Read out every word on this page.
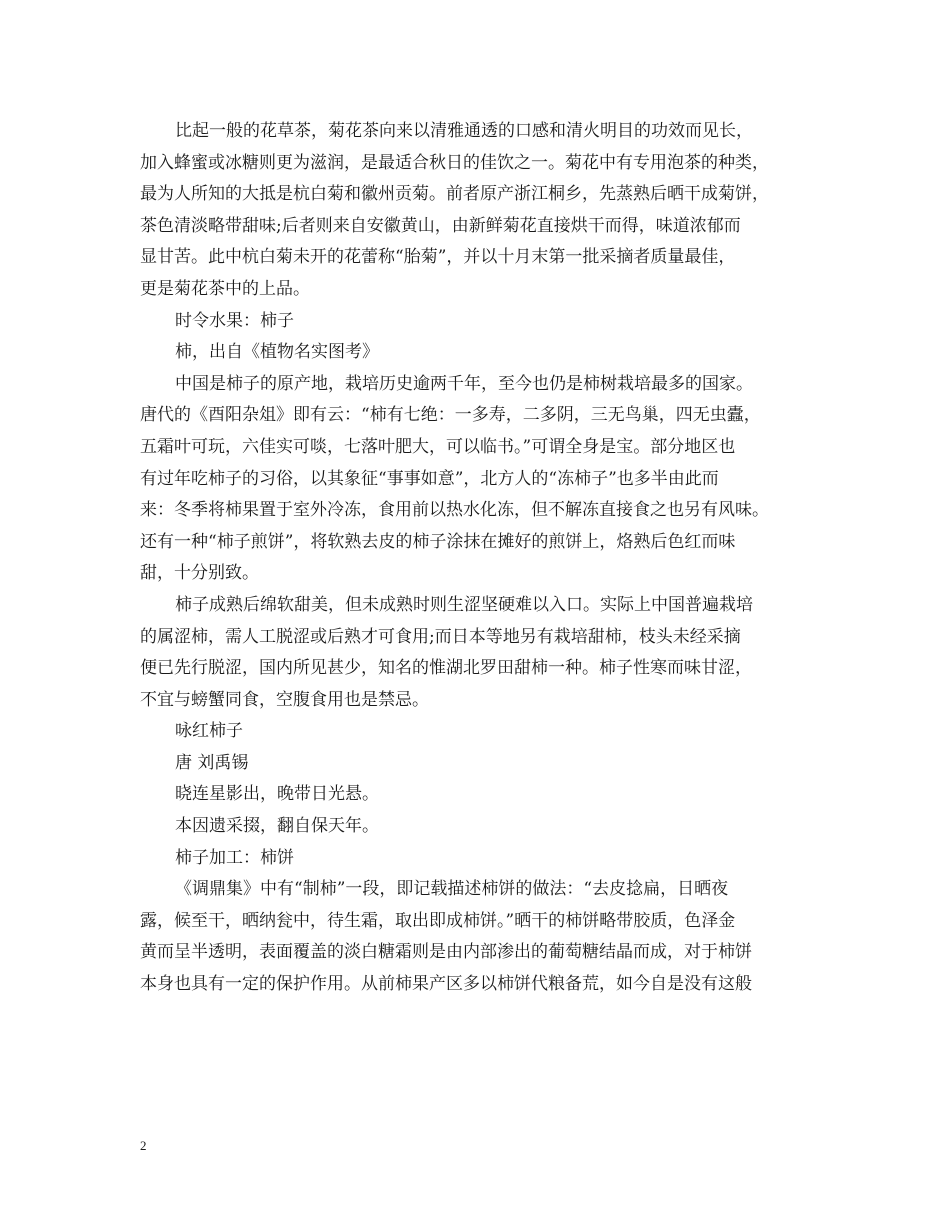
比起一般的花草茶，菊花茶向来以清雅通透的口感和清火明目的功效而见长，
加入蜂蜜或冰糖则更为滋润，是最适合秋日的佳饮之一。菊花中有专用泡茶的种类，
最为人所知的大抵是杭白菊和徽州贡菊。前者原产浙江桐乡，先蒸熟后晒干成菊饼，
茶色清淡略带甜味;后者则来自安徽黄山，由新鲜菊花直接烘干而得，味道浓郁而
显甘苦。此中杭白菊未开的花蕾称“胎菊”，并以十月末第一批采摘者质量最佳，
更是菊花茶中的上品。
时令水果：柿子
柿，出自《植物名实图考》
中国是柿子的原产地，栽培历史逾两千年，至今也仍是柿树栽培最多的国家。
唐代的《酉阳杂俎》即有云：“柿有七绝：一多寿，二多阴，三无鸟巢，四无虫蠹，
五霜叶可玩，六佳实可啖，七落叶肥大，可以临书。”可谓全身是宝。部分地区也
有过年吃柿子的习俗，以其象征“事事如意”，北方人的“冻柿子”也多半由此而
来：冬季将柿果置于室外冷冻，食用前以热水化冻，但不解冻直接食之也另有风味。
还有一种“柿子煎饼”，将软熟去皮的柿子涂抹在摊好的煎饼上，烙熟后色红而味
甜，十分别致。
柿子成熟后绵软甜美，但未成熟时则生涩坚硬难以入口。实际上中国普遍栽培
的属涩柿，需人工脱涩或后熟才可食用;而日本等地另有栽培甜柿，枝头未经采摘
便已先行脱涩，国内所见甚少，知名的惟湖北罗田甜柿一种。柿子性寒而味甘涩，
不宜与螃蟹同食，空腹食用也是禁忌。
咏红柿子
唐 刘禹锡
晓连星影出，晚带日光悬。
本因遗采掇，翻自保天年。
柿子加工：柿饼
《调鼎集》中有“制柿”一段，即记载描述柿饼的做法：“去皮捻扁，日晒夜
露，候至干，晒纳瓮中，待生霜，取出即成柿饼。”晒干的柿饼略带胶质，色泽金
黄而呈半透明，表面覆盖的淡白糖霜则是由内部渗出的葡萄糖结晶而成，对于柿饼
本身也具有一定的保护作用。从前柿果产区多以柿饼代粮备荒，如今自是没有这般
2
